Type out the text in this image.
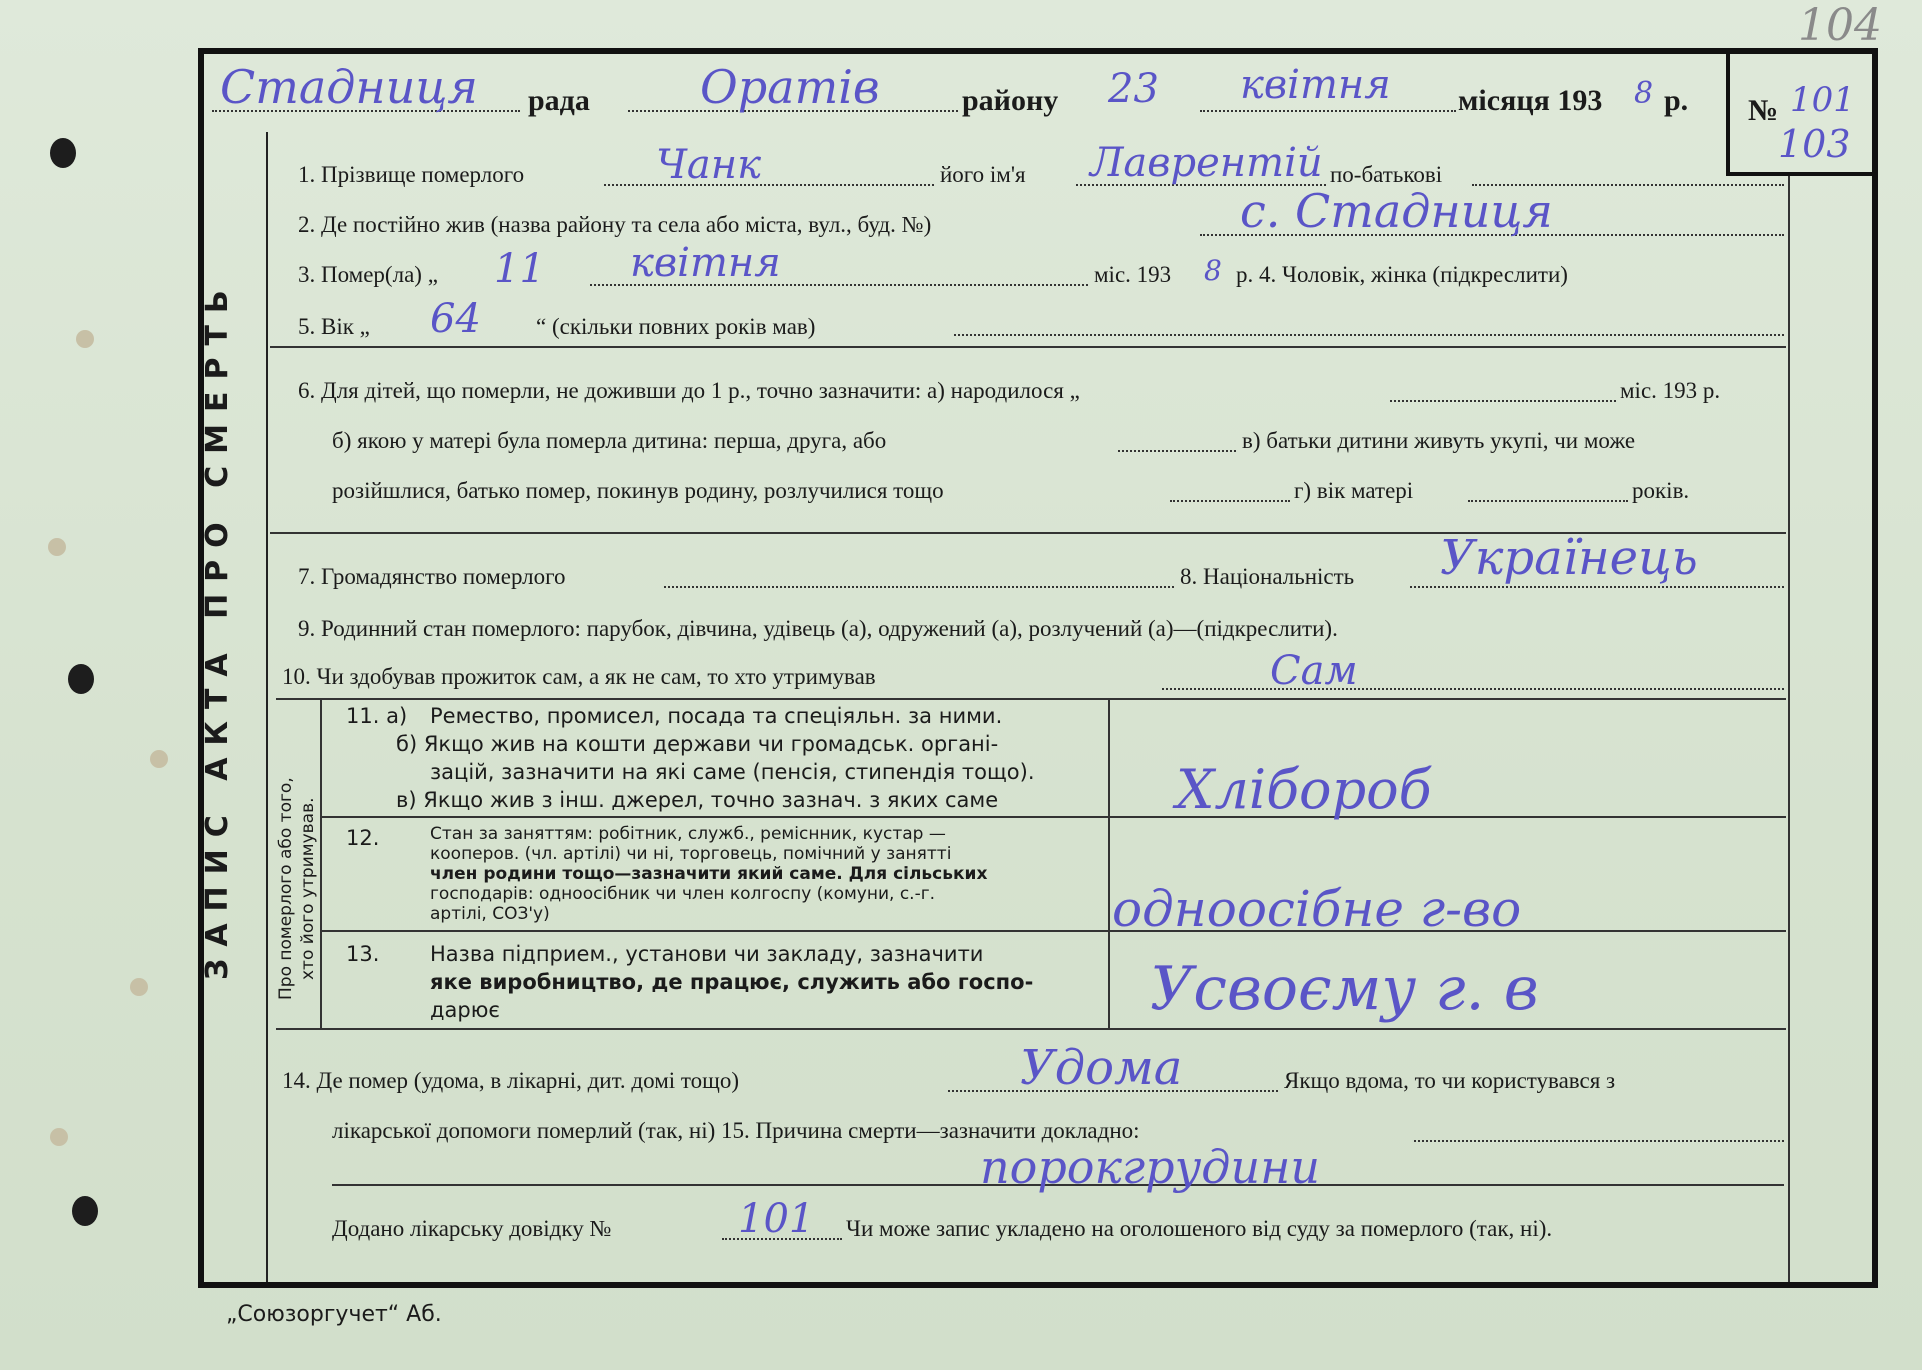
104
ЗАПИС АКТА ПРО СМЕРТЬ
Стадниця рада Оратів	району 23 квітня місяця 193 8 р. № 101
103
1. Прізвище померлого	Чанк	його ім'я Лаврентій по-батькові
2. Де постійно жив (назва району та села або міста, вул., буд. №)	с. Стадниця
3. Помер(ла) „ 11 квітня	міс. 193 8 р. 4. Чоловік, жінка (підкреслити)
5. Вік „ 64 “ (скільки повних років мав)
6. Для дітей, що померли, не доживши до 1 р., точно зазначити: а) народилося „	міс. 193 р.
б) якою у матері була померла дитина: перша, друга, або	в) батьки дитини живуть укупі, чи може
розійшлися, батько помер, покинув родину, розлучилися тощо	г) вік матері	років.
7. Громадянство померлого	8. Національність Українець
9. Родинний стан померлого: парубок, дівчина, удівець (а), одружений (а), розлучений (а)—(підкреслити).
10. Чи здобував прожиток сам, а як не сам, то хто утримував	Сам
Про померлого або того, хто його утримував.
11. а) Ремество, промисел, посада та спеціяльн. за ними.
б) Якщо жив на кошти держави чи громадськ. органі-
зацій, зазначити на які саме (пенсія, стипендія тощо).
в) Якщо жив з інш. джерел, точно зазнач. з яких саме	Хлібороб
12.	Стан за заняттям: робітник, служб., реміснник, кустар —
кооперов. (чл. артілі) чи ні, торговець, помічний у занятті
член родини тощо—зазначити який саме. Для сільських
господарів: одноосібник чи член колгоспу (комуни, с.-г.
артілі, СОЗ'у)	одноосібне г-во
13. Назва підприем., установи чи закладу, зазначити
яке виробництво, де працює, служить або госпо-
дарює	Усвоєму г. в
14. Де помер (удома, в лікарні, дит. домі тощо)	Удома	Якщо вдома, то чи користувався з
лікарської допомоги померлий (так, ні) 15. Причина смерти—зазначити докладно:
порокгрудини
Додано лікарську довідку №	101 Чи може запис укладено на оголошеного від суду за померлого (так, ні).
„Союзоргучет“ Аб.
